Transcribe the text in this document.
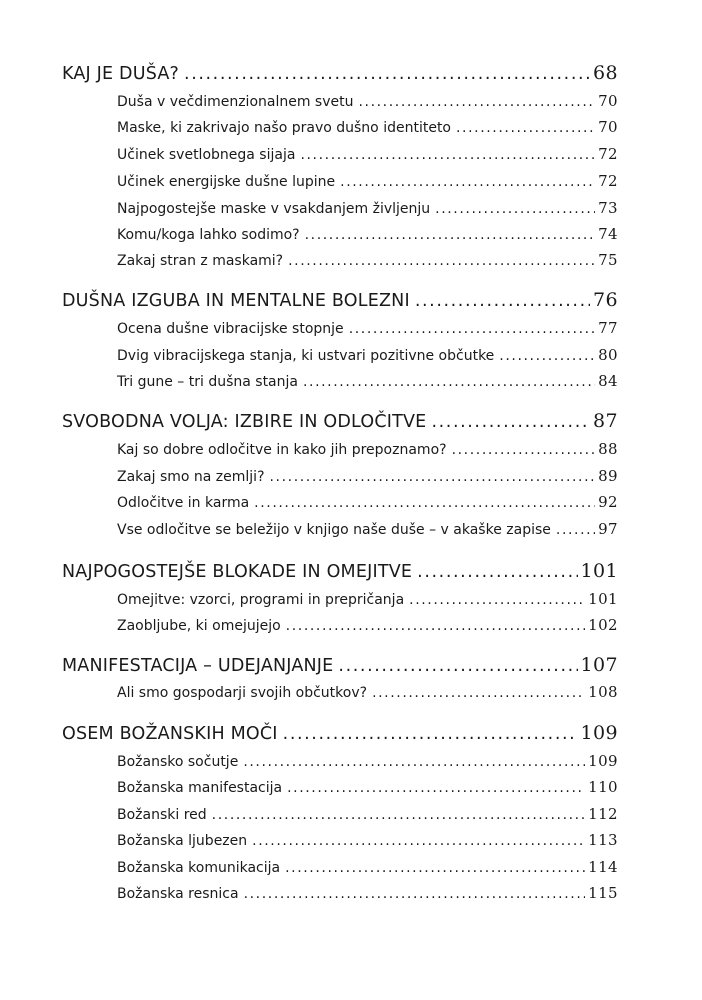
KAJ JE DUŠA? .....	68
Duša v večdimenzionalnem svetu .....	70
Maske, ki zakrivajo našo pravo dušno identiteto .....	70
Učinek svetlobnega sijaja .....	72
Učinek energijske dušne lupine .....	72
Najpogostejše maske v vsakdanjem življenju .....	73
Komu/koga lahko sodimo? .....	74
Zakaj stran z maskami? .....	75
DUŠNA IZGUBA IN MENTALNE BOLEZNI .....	76
Ocena dušne vibracijske stopnje .....	77
Dvig vibracijskega stanja, ki ustvari pozitivne občutke .....	80
Tri gune – tri dušna stanja .....	84
SVOBODNA VOLJA: IZBIRE IN ODLOČITVE .....	87
Kaj so dobre odločitve in kako jih prepoznamo? .....	88
Zakaj smo na zemlji? .....	89
Odločitve in karma .....	92
Vse odločitve se beležijo v knjigo naše duše – v akaške zapise .....	97
NAJPOGOSTEJŠE BLOKADE IN OMEJITVE .....	101
Omejitve: vzorci, programi in prepričanja .....	101
Zaobljube, ki omejujejo .....	102
MANIFESTACIJA – UDEJANJANJE .....	107
Ali smo gospodarji svojih občutkov? .....	108
OSEM BOŽANSKIH MOČI .....	109
Božansko sočutje .....	109
Božanska manifestacija .....	110
Božanski red .....	112
Božanska ljubezen .....	113
Božanska komunikacija .....	114
Božanska resnica .....	115
